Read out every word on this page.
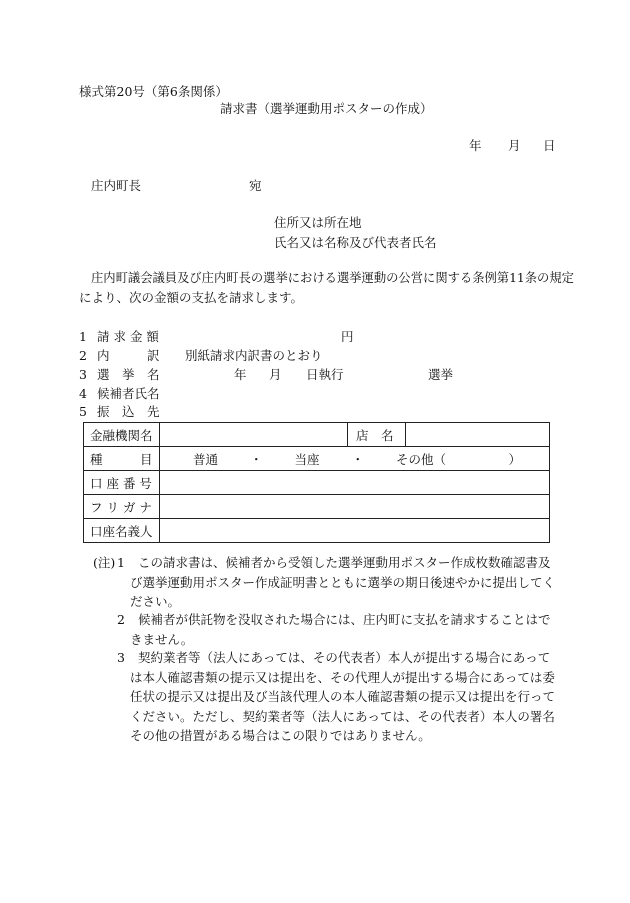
様式第20号（第6条関係）
請求書（選挙運動用ポスターの作成）
年 月 日
庄内町長	宛
住所又は所在地
氏名又は名称及び代表者氏名
庄内町議会議員及び庄内町長の選挙における選挙運動の公営に関する条例第11条の規定
により、次の金額の支払を請求します。
1 請 求 金 額	円
2 内　　　訳 別紙請求内訳書のとおり
3 選　挙　名	年 月 日執行	選挙
4 候補者氏名
5 振　込　先
金融機関名		店　名	
種　　　目	普通 ・ 当座 ・ その他（　　　　　）		
口 座 番 号			
フ リ ガ ナ			
口座名義人			
(注) 1	この請求書は、候補者から受領した選挙運動用ポスター作成枚数確認書及び選挙運動用ポスター作成証明書とともに選挙の期日後速やかに提出してください。
2	候補者が供託物を没収された場合には、庄内町に支払を請求することはできません。
3	契約業者等（法人にあっては、その代表者）本人が提出する場合にあっては本人確認書類の提示又は提出を、その代理人が提出する場合にあっては委任状の提示又は提出及び当該代理人の本人確認書類の提示又は提出を行ってください。ただし、契約業者等（法人にあっては、その代表者）本人の署名その他の措置がある場合はこの限りではありません。
